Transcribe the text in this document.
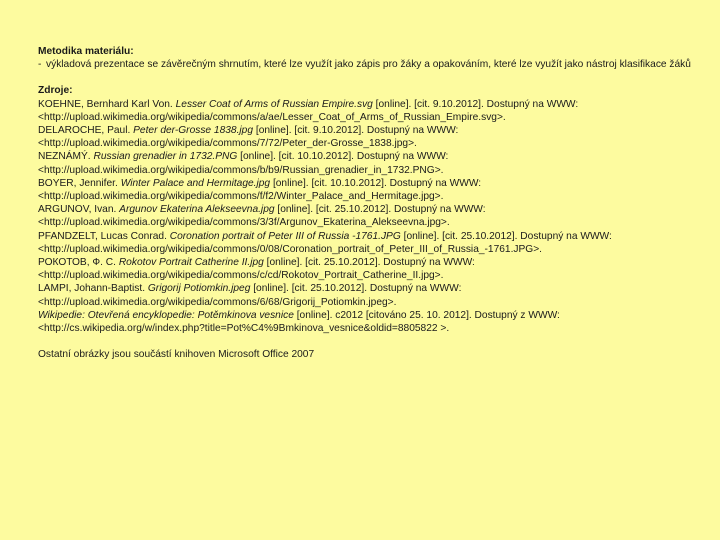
Metodika materiálu:
- výkladová prezentace se závěrečným shrnutím, které lze využít jako zápis pro žáky a opakováním, které lze využít jako nástroj klasifikace žáků
Zdroje:
KOEHNE, Bernhard Karl Von. Lesser Coat of Arms of Russian Empire.svg [online]. [cit. 9.10.2012]. Dostupný na WWW:
<http://upload.wikimedia.org/wikipedia/commons/a/ae/Lesser_Coat_of_Arms_of_Russian_Empire.svg>.
DELAROCHE, Paul. Peter der-Grosse 1838.jpg [online]. [cit. 9.10.2012]. Dostupný na WWW:
<http://upload.wikimedia.org/wikipedia/commons/7/72/Peter_der-Grosse_1838.jpg>.
NEZNÁMÝ. Russian grenadier in 1732.PNG [online]. [cit. 10.10.2012]. Dostupný na WWW:
<http://upload.wikimedia.org/wikipedia/commons/b/b9/Russian_grenadier_in_1732.PNG>.
BOYER, Jennifer. Winter Palace and Hermitage.jpg [online]. [cit. 10.10.2012]. Dostupný na WWW:
<http://upload.wikimedia.org/wikipedia/commons/f/f2/Winter_Palace_and_Hermitage.jpg>.
ARGUNOV, Ivan. Argunov Ekaterina Alekseevna.jpg [online]. [cit. 25.10.2012]. Dostupný na WWW:
<http://upload.wikimedia.org/wikipedia/commons/3/3f/Argunov_Ekaterina_Alekseevna.jpg>.
PFANDZELT, Lucas Conrad. Coronation portrait of Peter III of Russia -1761.JPG [online]. [cit. 25.10.2012]. Dostupný na WWW:
<http://upload.wikimedia.org/wikipedia/commons/0/08/Coronation_portrait_of_Peter_III_of_Russia_-1761.JPG>.
РОКОТОВ, Ф. С. Rokotov Portrait Catherine II.jpg [online]. [cit. 25.10.2012]. Dostupný na WWW:
<http://upload.wikimedia.org/wikipedia/commons/c/cd/Rokotov_Portrait_Catherine_II.jpg>.
LAMPI, Johann-Baptist. Grigorij Potiomkin.jpeg [online]. [cit. 25.10.2012]. Dostupný na WWW:
<http://upload.wikimedia.org/wikipedia/commons/6/68/Grigorij_Potiomkin.jpeg>.
Wikipedie: Otevřená encyklopedie: Potěmkinova vesnice [online]. c2012 [citováno 25. 10. 2012]. Dostupný z WWW:
<http://cs.wikipedia.org/w/index.php?title=Pot%C4%9Bmkinova_vesnice&oldid=8805822 >.
Ostatní obrázky jsou součástí knihoven Microsoft Office 2007
